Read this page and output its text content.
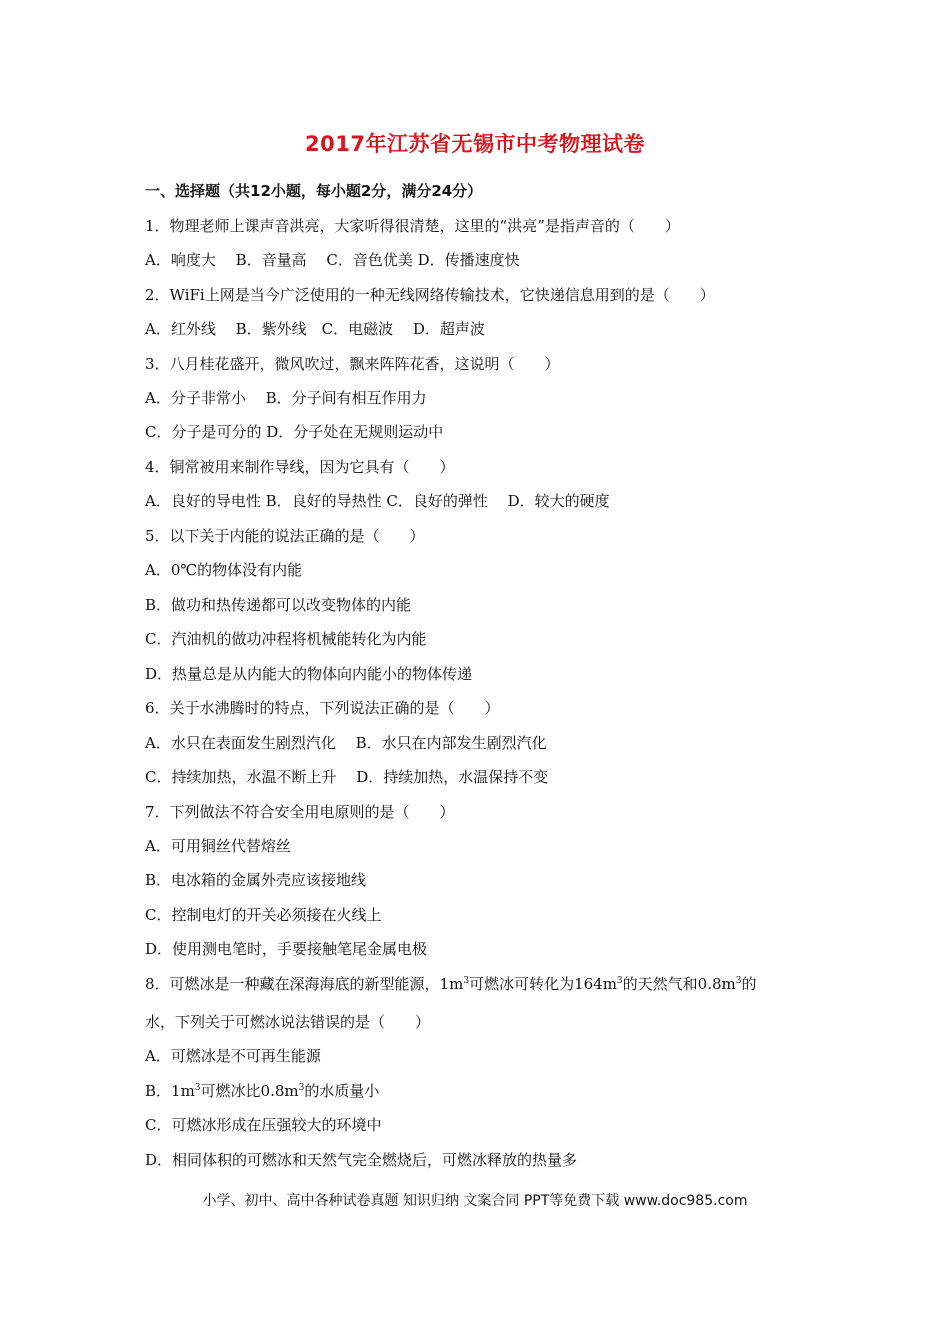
2017年江苏省无锡市中考物理试卷
一、选择题（共12小题，每小题2分，满分24分）
1．物理老师上课声音洪亮，大家听得很清楚，这里的“洪亮”是指声音的（　　）
A．响度大　 B．音量高　 C．音色优美 D．传播速度快
2．WiFi上网是当今广泛使用的一种无线网络传输技术，它快递信息用到的是（　　）
A．红外线　 B．紫外线　C．电磁波　 D．超声波
3．八月桂花盛开，微风吹过，飘来阵阵花香，这说明（　　）
A．分子非常小　 B．分子间有相互作用力
C．分子是可分的 D．分子处在无规则运动中
4．铜常被用来制作导线，因为它具有（　　）
A．良好的导电性 B．良好的导热性 C．良好的弹性　 D．较大的硬度
5．以下关于内能的说法正确的是（　　）
A．0℃的物体没有内能
B．做功和热传递都可以改变物体的内能
C．汽油机的做功冲程将机械能转化为内能
D．热量总是从内能大的物体向内能小的物体传递
6．关于水沸腾时的特点，下列说法正确的是（　　）
A．水只在表面发生剧烈汽化　 B．水只在内部发生剧烈汽化
C．持续加热，水温不断上升　 D．持续加热，水温保持不变
7．下列做法不符合安全用电原则的是（　　）
A．可用铜丝代替熔丝
B．电冰箱的金属外壳应该接地线
C．控制电灯的开关必须接在火线上
D．使用测电笔时，手要接触笔尾金属电极
8．可燃冰是一种藏在深海海底的新型能源，$1m^3$可燃冰可转化为$164m^3$的天然气和$0.8m^3$的
水，下列关于可燃冰说法错误的是（　　）
A．可燃冰是不可再生能源
B．$1m^3$可燃冰比$0.8m^3$的水质量小
C．可燃冰形成在压强较大的环境中
D．相同体积的可燃冰和天然气完全燃烧后，可燃冰释放的热量多
小学、初中、高中各种试卷真题 知识归纳 文案合同 PPT等免费下载 www.doc985.com
